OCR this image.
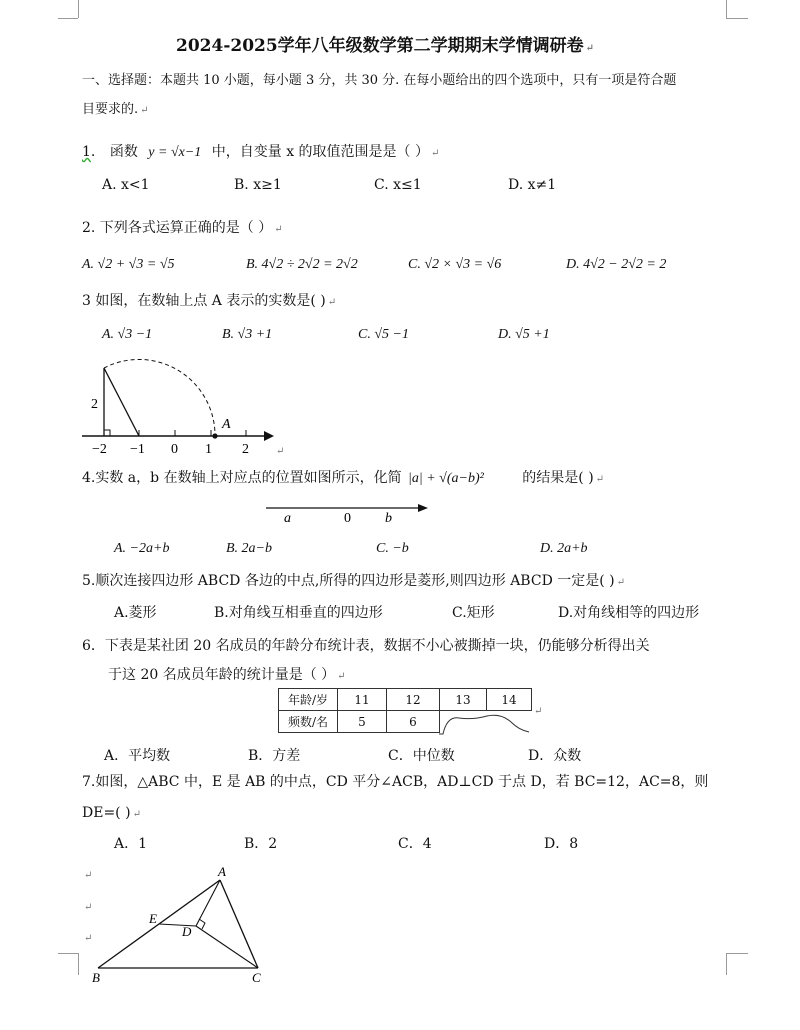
2024-2025学年八年级数学第二学期期末学情调研卷 ↵
一、选择题：本题共 10 小题，每小题 3 分，共 30 分. 在每小题给出的四个选项中，只有一项是符合题
目要求的. ↵
1. 函数 y = √x−1 中，自变量 x 的取值范围是是（ ） ↵
A. x<1	B. x≥1	C. x≤1	D. x≠1
2. 下列各式运算正确的是（ ） ↵
A. √2 + √3 = √5	B. 4√2 ÷ 2√2 = 2√2	C. √2 × √3 = √6	D. 4√2 − 2√2 = 2
3 如图，在数轴上点 A 表示的实数是( ) ↵
A. √3 −1	B. √3 +1	C. √5 −1	D. √5 +1
2
A
−2 −1 0 1 2	↵
4.实数 a，b 在数轴上对应点的位置如图所示，化简 |a| + √(a−b)²	的结果是( ) ↵
a	0 b
A. −2a+b	B. 2a−b	C. −b	D. 2a+b
5.顺次连接四边形 ABCD 各边的中点,所得的四边形是菱形,则四边形 ABCD 一定是( ) ↵
A.菱形	B.对角线互相垂直的四边形	C.矩形	D.对角线相等的四边形
6．下表是某社团 20 名成员的年龄分布统计表，数据不小心被撕掉一块，仍能够分析得出关
于这 20 名成员年龄的统计量是（ ） ↵
年龄/岁	11	12	13	14
频数/名	5	6	
↵
A．平均数	B．方差	C．中位数	D．众数
7.如图，△ABC 中，E 是 AB 的中点，CD 平分∠ACB，AD⊥CD 于点 D，若 BC=12，AC=8，则
DE=( ) ↵
A．1	B．2	C．4	D．8
↵
↵
↵
A
E
D
B	C
